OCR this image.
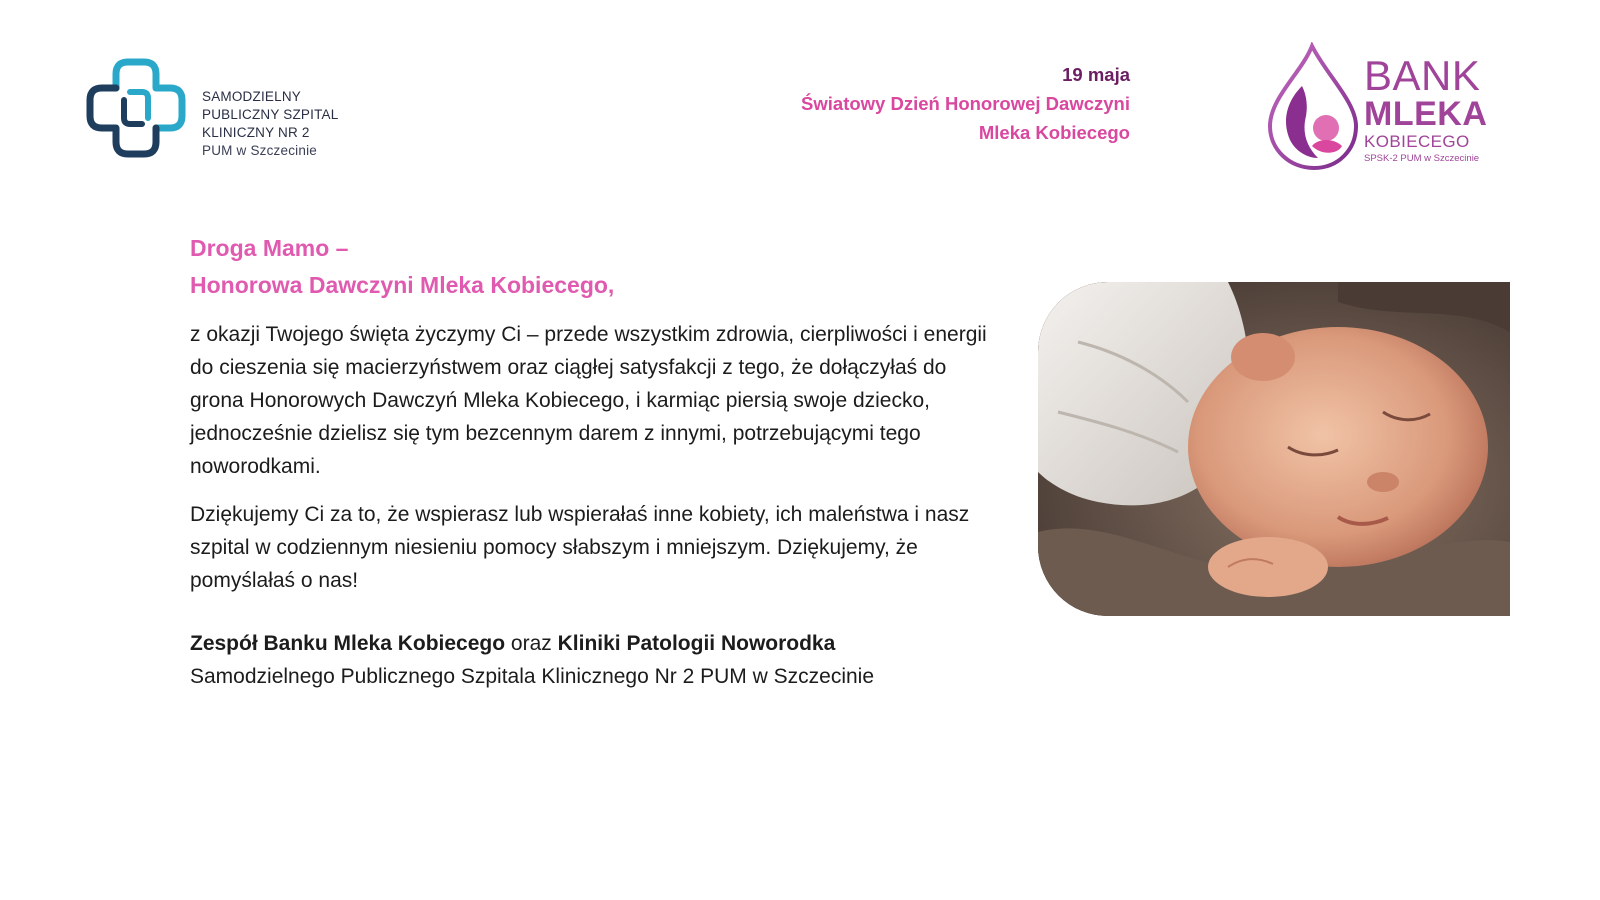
SAMODZIELNY
PUBLICZNY SZPITAL
KLINICZNY NR 2
PUM w Szczecinie
19 maja
Światowy Dzień Honorowej Dawczyni
Mleka Kobiecego
BANK
MLEKA
KOBIECEGO
SPSK-2 PUM w Szczecinie

Droga Mamo –
Honorowa Dawczyni Mleka Kobiecego,

z okazji Twojego święta życzymy Ci – przede wszystkim zdrowia, cierpliwości i energii do cieszenia się macierzyństwem oraz ciągłej satysfakcji z tego, że dołączyłaś do grona Honorowych Dawczyń Mleka Kobiecego, i karmiąc piersią swoje dziecko, jednocześnie dzielisz się tym bezcennym darem z innymi, potrzebującymi tego noworodkami.

Dziękujemy Ci za to, że wspierasz lub wspierałaś inne kobiety, ich maleństwa i nasz szpital w codziennym niesieniu pomocy słabszym i mniejszym. Dziękujemy, że pomyślałaś o nas!

Zespół Banku Mleka Kobiecego oraz Kliniki Patologii Noworodka
Samodzielnego Publicznego Szpitala Klinicznego Nr 2 PUM w Szczecinie
